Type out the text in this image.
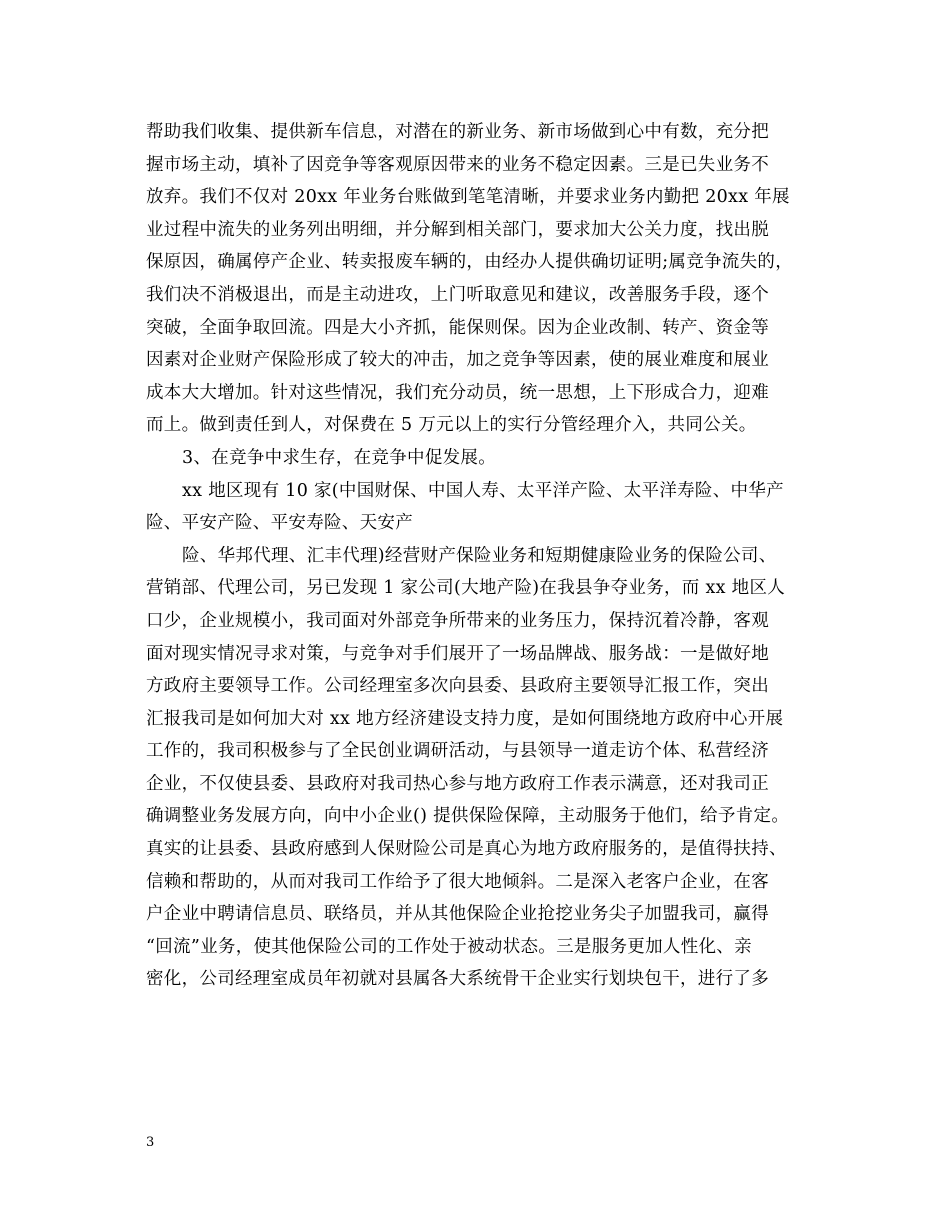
帮助我们收集、提供新车信息，对潜在的新业务、新市场做到心中有数，充分把
握市场主动，填补了因竞争等客观原因带来的业务不稳定因素。三是已失业务不
放弃。我们不仅对 20xx 年业务台账做到笔笔清晰，并要求业务内勤把 20xx 年展
业过程中流失的业务列出明细，并分解到相关部门，要求加大公关力度，找出脱
保原因，确属停产企业、转卖报废车辆的，由经办人提供确切证明;属竞争流失的，
我们决不消极退出，而是主动进攻，上门听取意见和建议，改善服务手段，逐个
突破，全面争取回流。四是大小齐抓，能保则保。因为企业改制、转产、资金等
因素对企业财产保险形成了较大的冲击，加之竞争等因素，使的展业难度和展业
成本大大增加。针对这些情况，我们充分动员，统一思想，上下形成合力，迎难
而上。做到责任到人，对保费在 5 万元以上的实行分管经理介入，共同公关。
3、在竞争中求生存，在竞争中促发展。
xx 地区现有 10 家(中国财保、中国人寿、太平洋产险、太平洋寿险、中华产
险、平安产险、平安寿险、天安产
险、华邦代理、汇丰代理)经营财产保险业务和短期健康险业务的保险公司、
营销部、代理公司，另已发现 1 家公司(大地产险)在我县争夺业务，而 xx 地区人
口少，企业规模小，我司面对外部竞争所带来的业务压力，保持沉着冷静，客观
面对现实情况寻求对策，与竞争对手们展开了一场品牌战、服务战：一是做好地
方政府主要领导工作。公司经理室多次向县委、县政府主要领导汇报工作，突出
汇报我司是如何加大对 xx 地方经济建设支持力度，是如何围绕地方政府中心开展
工作的，我司积极参与了全民创业调研活动，与县领导一道走访个体、私营经济
企业，不仅使县委、县政府对我司热心参与地方政府工作表示满意，还对我司正
确调整业务发展方向，向中小企业() 提供保险保障，主动服务于他们，给予肯定。
真实的让县委、县政府感到人保财险公司是真心为地方政府服务的，是值得扶持、
信赖和帮助的，从而对我司工作给予了很大地倾斜。二是深入老客户企业，在客
户企业中聘请信息员、联络员，并从其他保险企业抢挖业务尖子加盟我司，赢得
“回流”业务，使其他保险公司的工作处于被动状态。三是服务更加人性化、亲
密化，公司经理室成员年初就对县属各大系统骨干企业实行划块包干，进行了多
3
